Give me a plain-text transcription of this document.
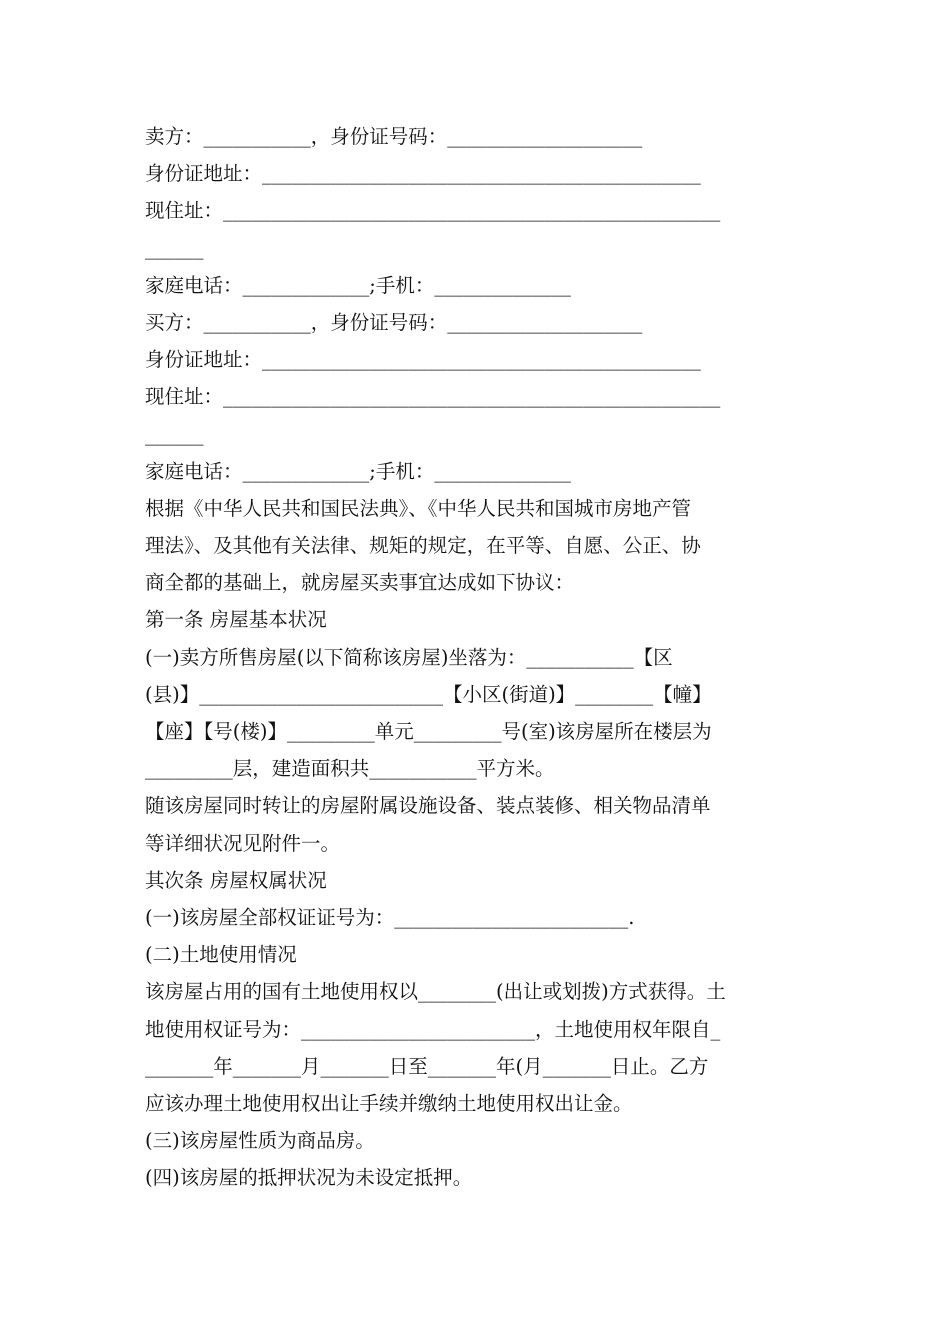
卖方：___________，身份证号码：____________________
身份证地址：_____________________________________________
现住址：___________________________________________________
______
家庭电话：_____________;手机：______________
买方：___________，身份证号码：____________________
身份证地址：_____________________________________________
现住址：___________________________________________________
______
家庭电话：_____________;手机：______________
根据《中华人民共和国民法典》、《中华人民共和国城市房地产管
理法》、及其他有关法律、规矩的规定，在平等、自愿、公正、协
商全都的基础上，就房屋买卖事宜达成如下协议：
第一条 房屋基本状况
(一)卖方所售房屋(以下简称该房屋)坐落为：___________【区
(县)】_________________________【小区(街道)】________【幢】
【座】【号(楼)】_________单元_________号(室)该房屋所在楼层为
_________层，建造面积共___________平方米。
随该房屋同时转让的房屋附属设施设备、装点装修、相关物品清单
等详细状况见附件一。
其次条 房屋权属状况
(一)该房屋全部权证证号为：________________________.
(二)土地使用情况
该房屋占用的国有土地使用权以________(出让或划拨)方式获得。土
地使用权证号为：________________________，土地使用权年限自_
_______年_______月_______日至_______年(月_______日止。乙方
应该办理土地使用权出让手续并缴纳土地使用权出让金。
(三)该房屋性质为商品房。
(四)该房屋的抵押状况为未设定抵押。
